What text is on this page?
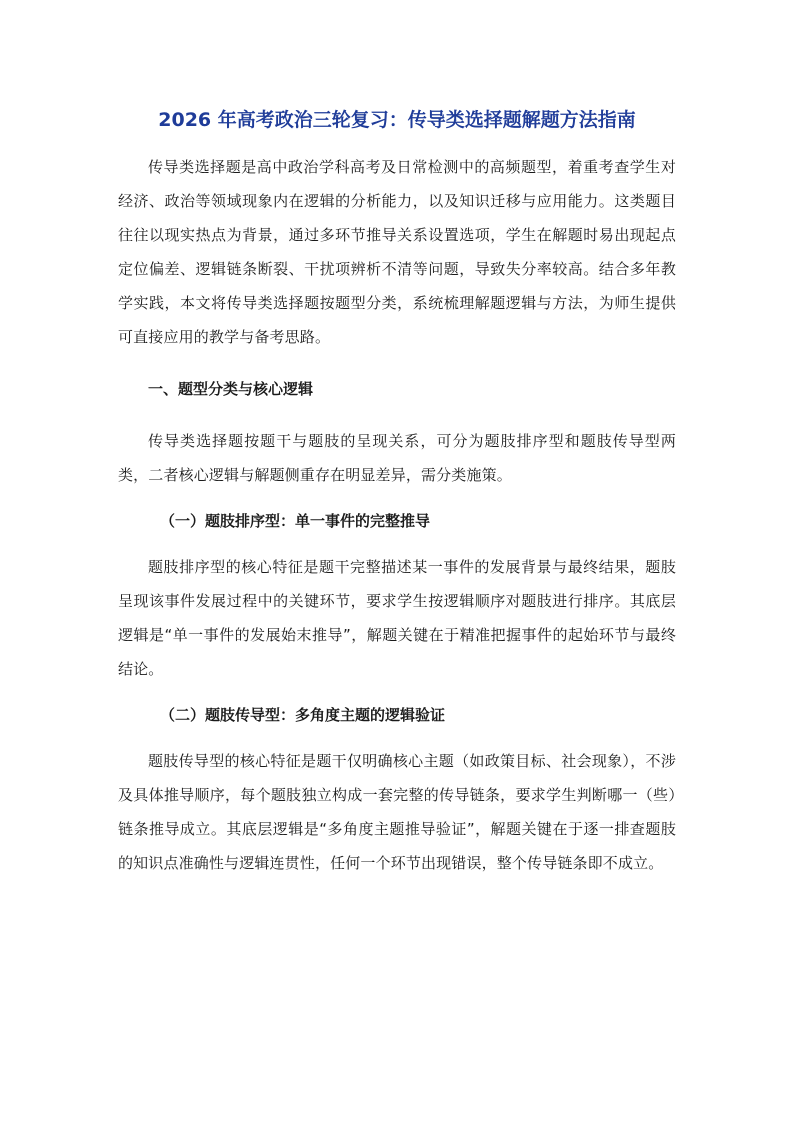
2026 年高考政治三轮复习：传导类选择题解题方法指南

传导类选择题是高中政治学科高考及日常检测中的高频题型，着重考查学生对经济、政治等领域现象内在逻辑的分析能力，以及知识迁移与应用能力。这类题目往往以现实热点为背景，通过多环节推导关系设置选项，学生在解题时易出现起点定位偏差、逻辑链条断裂、干扰项辨析不清等问题，导致失分率较高。结合多年教学实践，本文将传导类选择题按题型分类，系统梳理解题逻辑与方法，为师生提供可直接应用的教学与备考思路。

一、题型分类与核心逻辑

传导类选择题按题干与题肢的呈现关系，可分为题肢排序型和题肢传导型两类，二者核心逻辑与解题侧重存在明显差异，需分类施策。

（一）题肢排序型：单一事件的完整推导

题肢排序型的核心特征是题干完整描述某一事件的发展背景与最终结果，题肢呈现该事件发展过程中的关键环节，要求学生按逻辑顺序对题肢进行排序。其底层逻辑是“单一事件的发展始末推导”，解题关键在于精准把握事件的起始环节与最终结论。

（二）题肢传导型：多角度主题的逻辑验证

题肢传导型的核心特征是题干仅明确核心主题（如政策目标、社会现象），不涉及具体推导顺序，每个题肢独立构成一套完整的传导链条，要求学生判断哪一（些）链条推导成立。其底层逻辑是“多角度主题推导验证”，解题关键在于逐一排查题肢的知识点准确性与逻辑连贯性，任何一个环节出现错误，整个传导链条即不成立。
